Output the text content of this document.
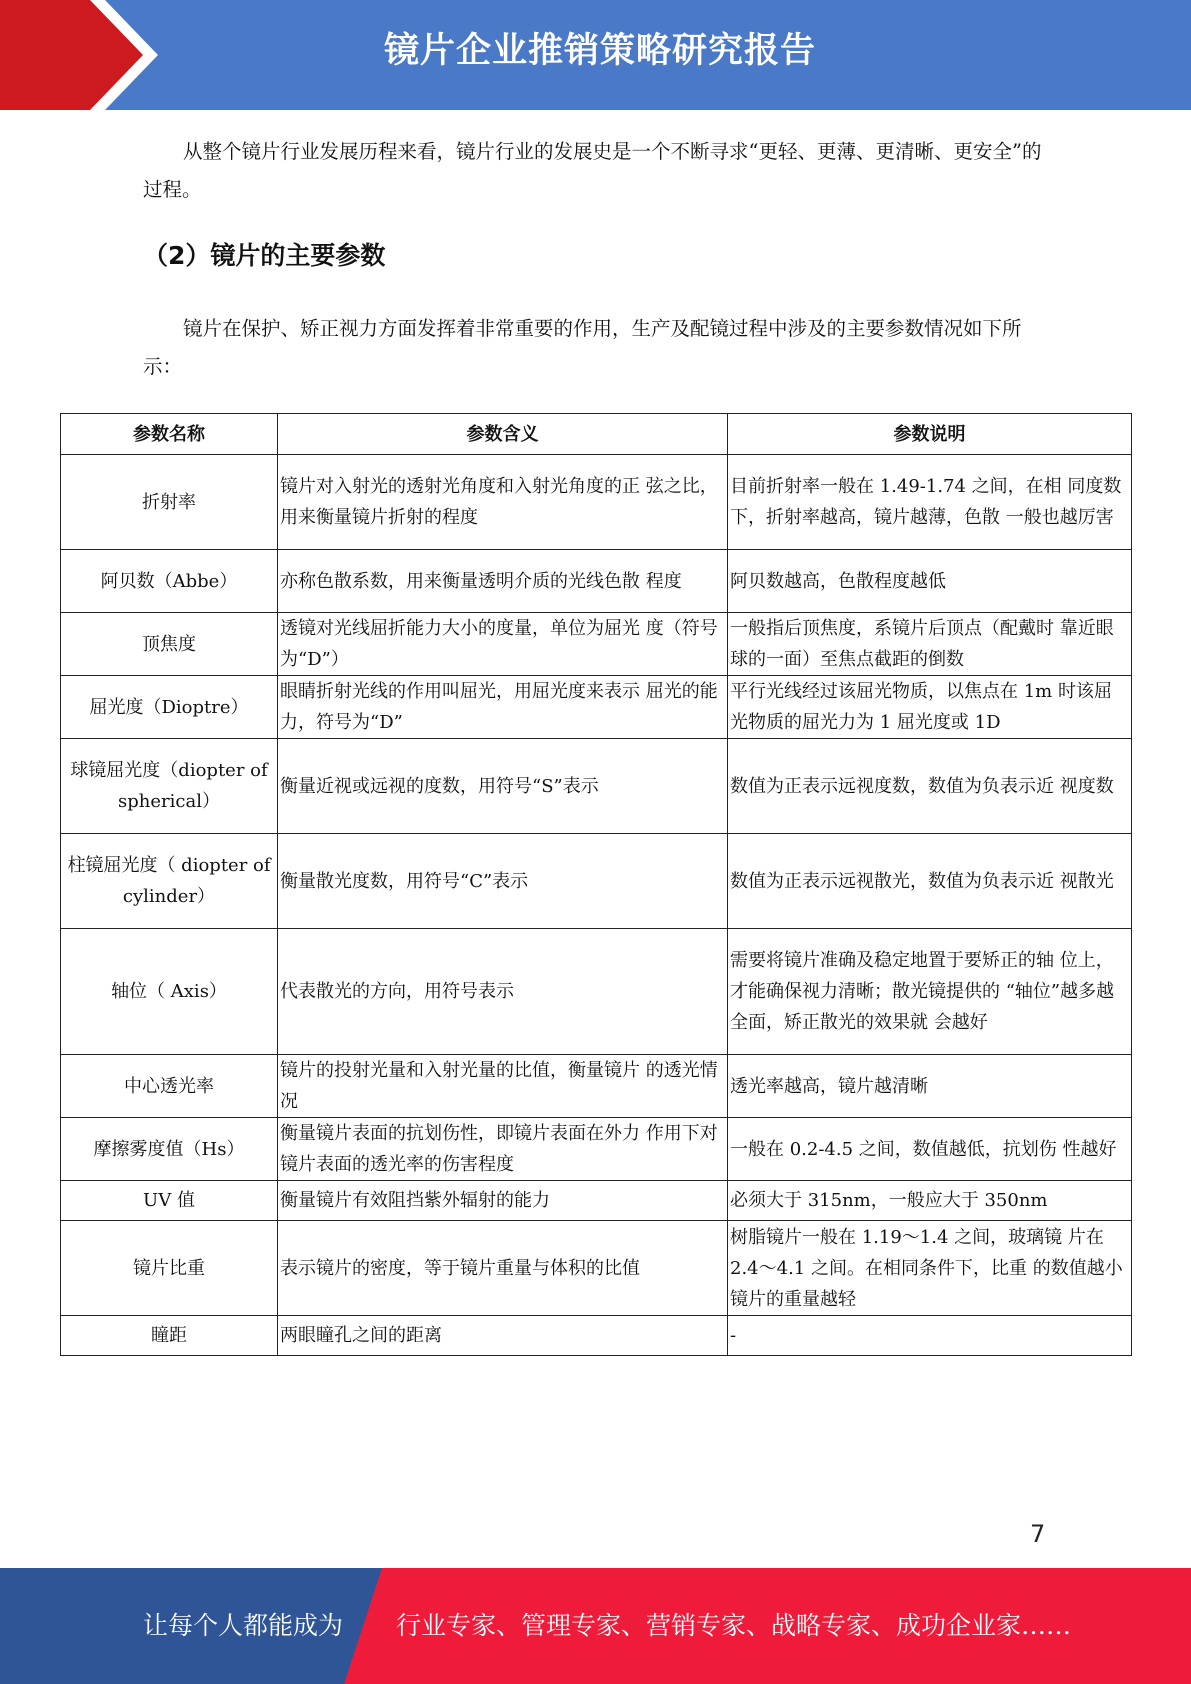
镜片企业推销策略研究报告

从整个镜片行业发展历程来看，镜片行业的发展史是一个不断寻求“更轻、更薄、更清晰、更安全”的过程。

（2）镜片的主要参数

镜片在保护、矫正视力方面发挥着非常重要的作用，生产及配镜过程中涉及的主要参数情况如下所示：

参数名称	参数含义	参数说明
折射率	镜片对入射光的透射光角度和入射光角度的正 弦之比，用来衡量镜片折射的程度	目前折射率一般在 1.49-1.74 之间，在相 同度数下，折射率越高，镜片越薄，色散 一般也越厉害
阿贝数（Abbe）	亦称色散系数，用来衡量透明介质的光线色散 程度	阿贝数越高，色散程度越低
顶焦度	透镜对光线屈折能力大小的度量，单位为屈光 度（符号为“D”）	一般指后顶焦度，系镜片后顶点（配戴时 靠近眼球的一面）至焦点截距的倒数
屈光度（Dioptre）	眼睛折射光线的作用叫屈光，用屈光度来表示 屈光的能力，符号为“D”	平行光线经过该屈光物质，以焦点在 1m 时该屈光物质的屈光力为 1 屈光度或 1D
球镜屈光度（diopter of spherical）	衡量近视或远视的度数，用符号“S”表示	数值为正表示远视度数，数值为负表示近 视度数
柱镜屈光度（ diopter of cylinder）	衡量散光度数，用符号“C”表示	数值为正表示远视散光，数值为负表示近 视散光
轴位（ Axis）	代表散光的方向，用符号表示	需要将镜片准确及稳定地置于要矫正的轴 位上，才能确保视力清晰；散光镜提供的 “轴位”越多越全面，矫正散光的效果就 会越好
中心透光率	镜片的投射光量和入射光量的比值，衡量镜片 的透光情况	透光率越高，镜片越清晰
摩擦雾度值（Hs）	衡量镜片表面的抗划伤性，即镜片表面在外力 作用下对镜片表面的透光率的伤害程度	一般在 0.2-4.5 之间，数值越低，抗划伤 性越好
UV 值	衡量镜片有效阻挡紫外辐射的能力	必须大于 315nm，一般应大于 350nm
镜片比重	表示镜片的密度，等于镜片重量与体积的比值	树脂镜片一般在 1.19～1.4 之间，玻璃镜 片在 2.4～4.1 之间。在相同条件下，比重 的数值越小镜片的重量越轻
瞳距	两眼瞳孔之间的距离	-
7
让每个人都能成为 行业专家、管理专家、营销专家、战略专家、成功企业家……
